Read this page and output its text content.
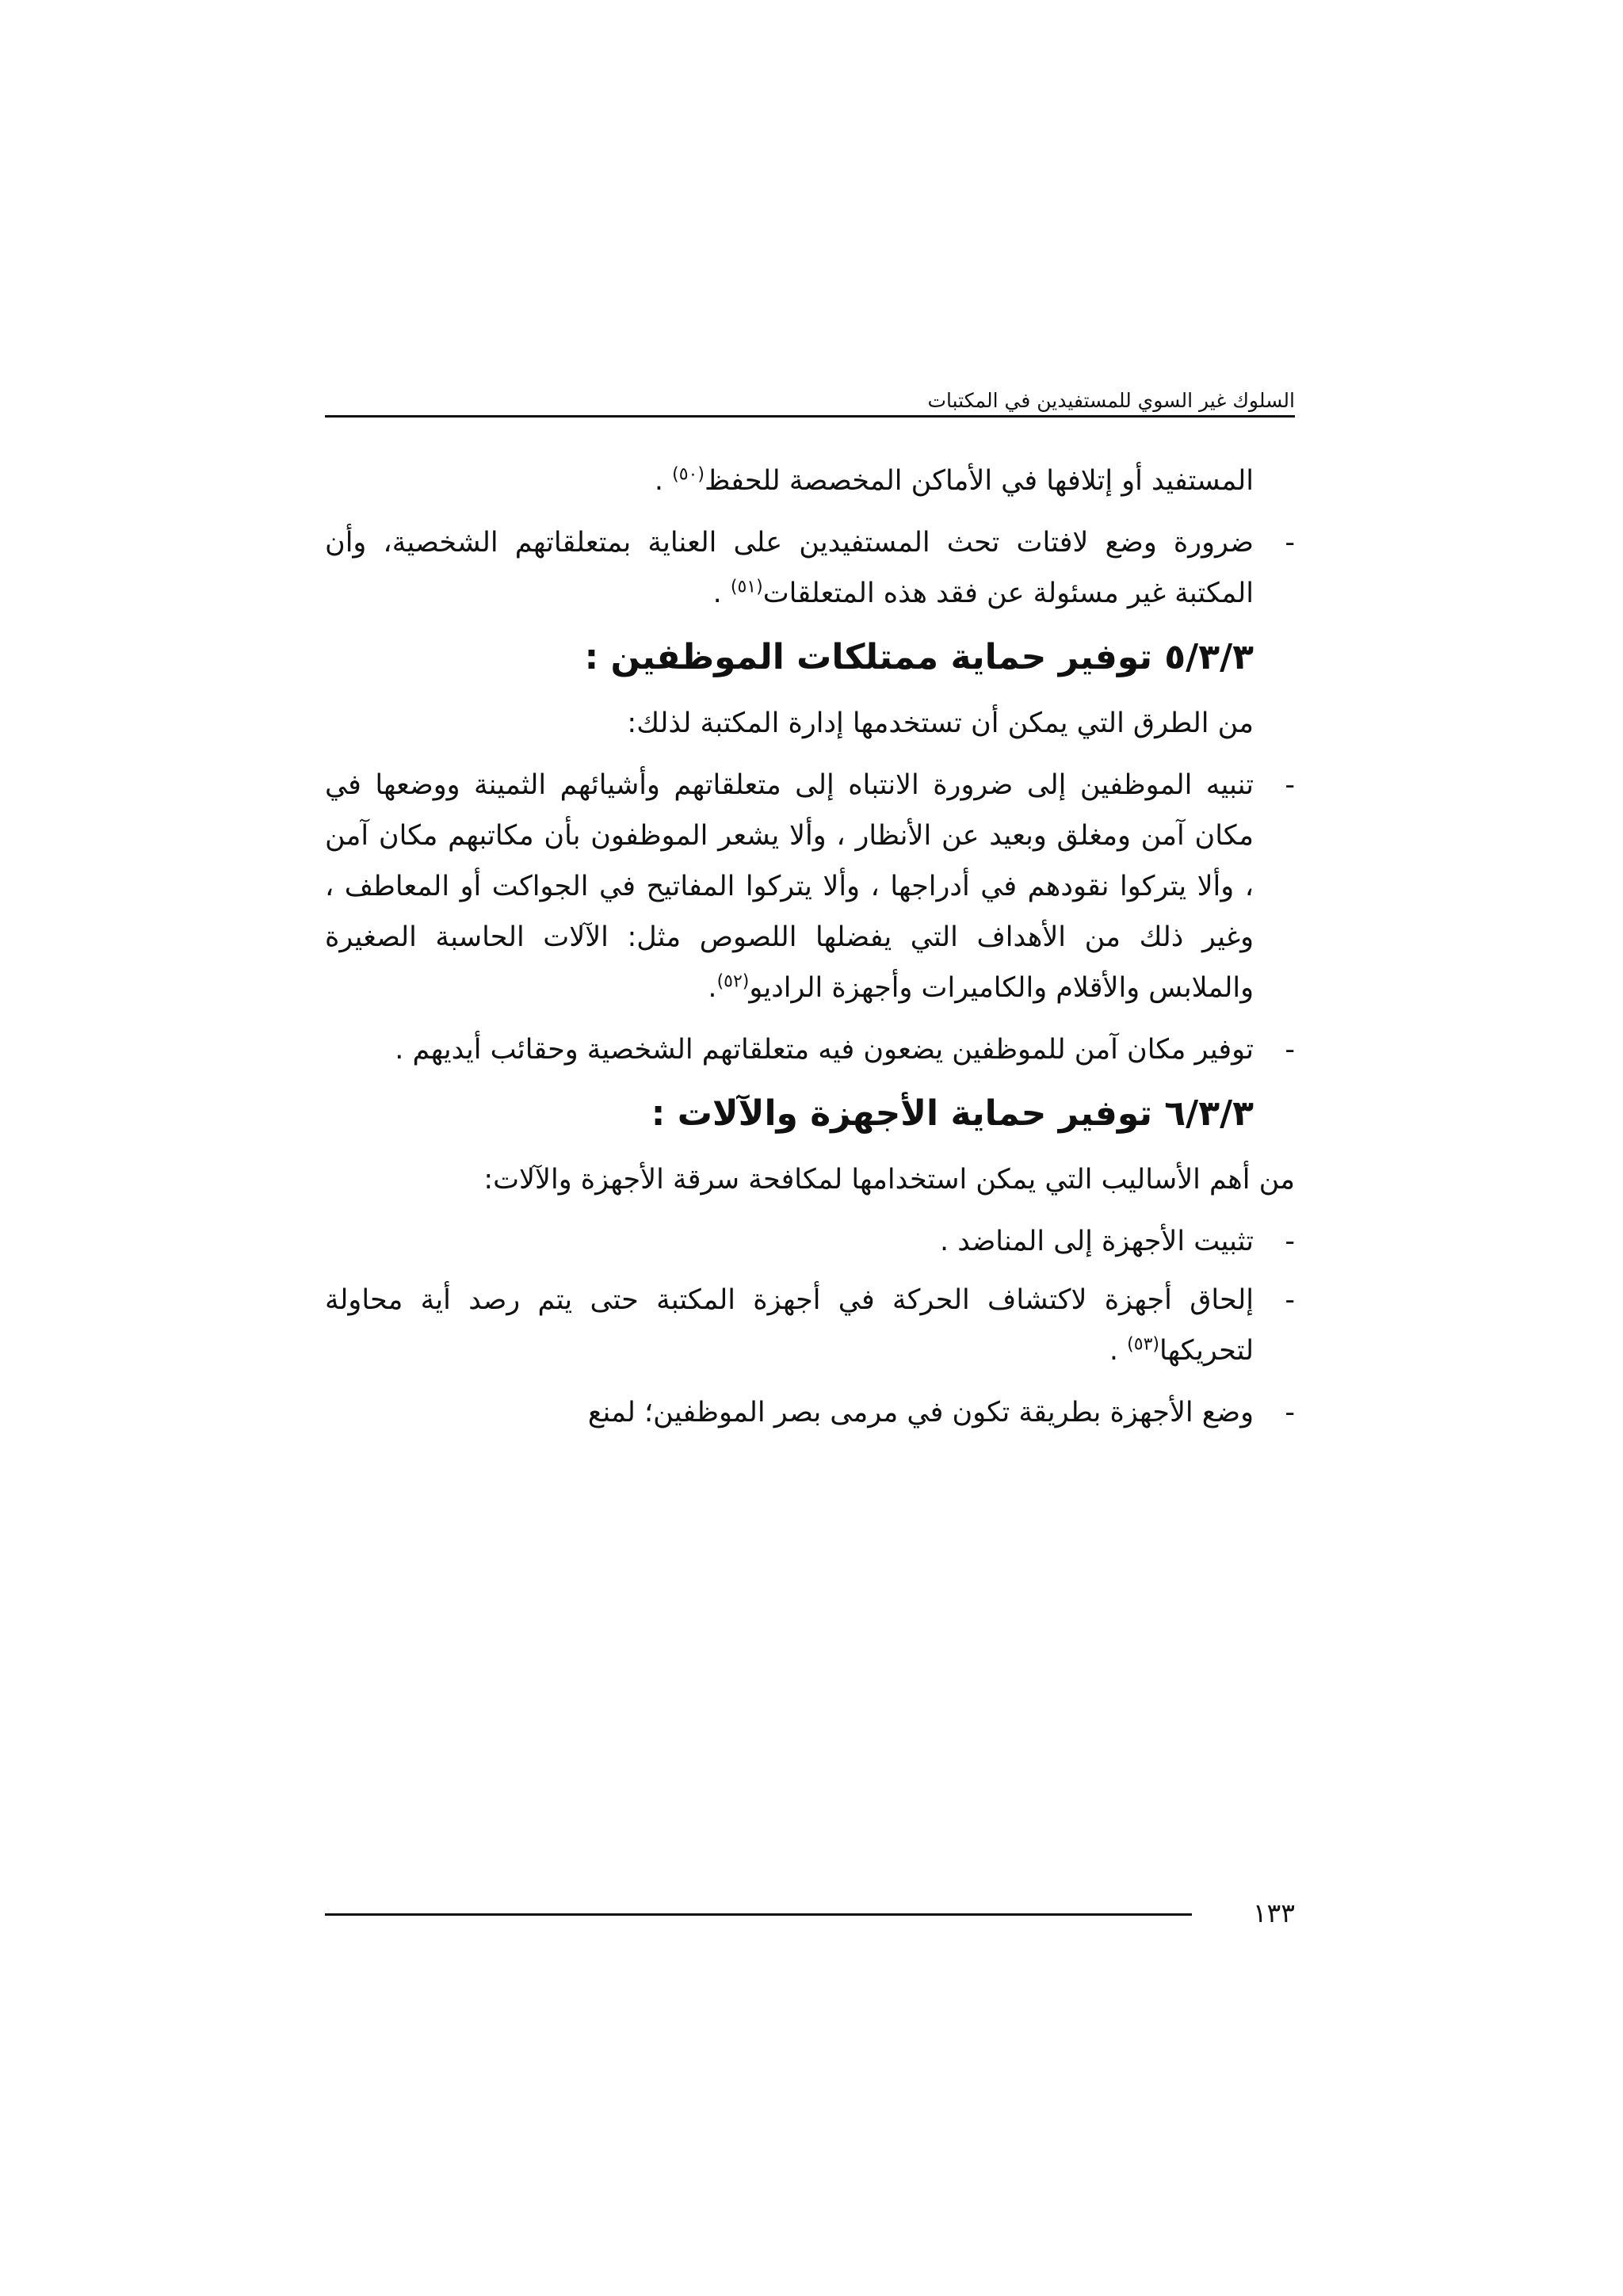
السلوك غير السوي للمستفيدين في المكتبات

المستفيد أو إتلافها في الأماكن المخصصة للحفظ$^{(٥٠)}$ .

-
ضرورة وضع لافتات تحث المستفيدين على العناية بمتعلقاتهم الشخصية، وأن المكتبة غير مسئولة عن فقد هذه المتعلقات$^{(٥١)}$ .
٥/٣/٣ توفير حماية ممتلكات الموظفين :

من الطرق التي يمكن أن تستخدمها إدارة المكتبة لذلك:

-
تنبيه الموظفين إلى ضرورة الانتباه إلى متعلقاتهم وأشيائهم الثمينة ووضعها في مكان آمن ومغلق وبعيد عن الأنظار ، وألا يشعر الموظفون بأن مكاتبهم مكان آمن ، وألا يتركوا نقودهم في أدراجها ، وألا يتركوا المفاتيح في الجواكت أو المعاطف ، وغير ذلك من الأهداف التي يفضلها اللصوص مثل: الآلات الحاسبة الصغيرة والملابس والأقلام والكاميرات وأجهزة الراديو$^{(٥٢)}$.
-
توفير مكان آمن للموظفين يضعون فيه متعلقاتهم الشخصية وحقائب أيديهم .
٦/٣/٣ توفير حماية الأجهزة والآلات :

من أهم الأساليب التي يمكن استخدامها لمكافحة سرقة الأجهزة والآلات:

-
تثبيت الأجهزة إلى المناضد .
-
إلحاق أجهزة لاكتشاف الحركة في أجهزة المكتبة حتى يتم رصد أية محاولة لتحريكها$^{(٥٣)}$ .
-
وضع الأجهزة بطريقة تكون في مرمى بصر الموظفين؛ لمنع
١٣٣
